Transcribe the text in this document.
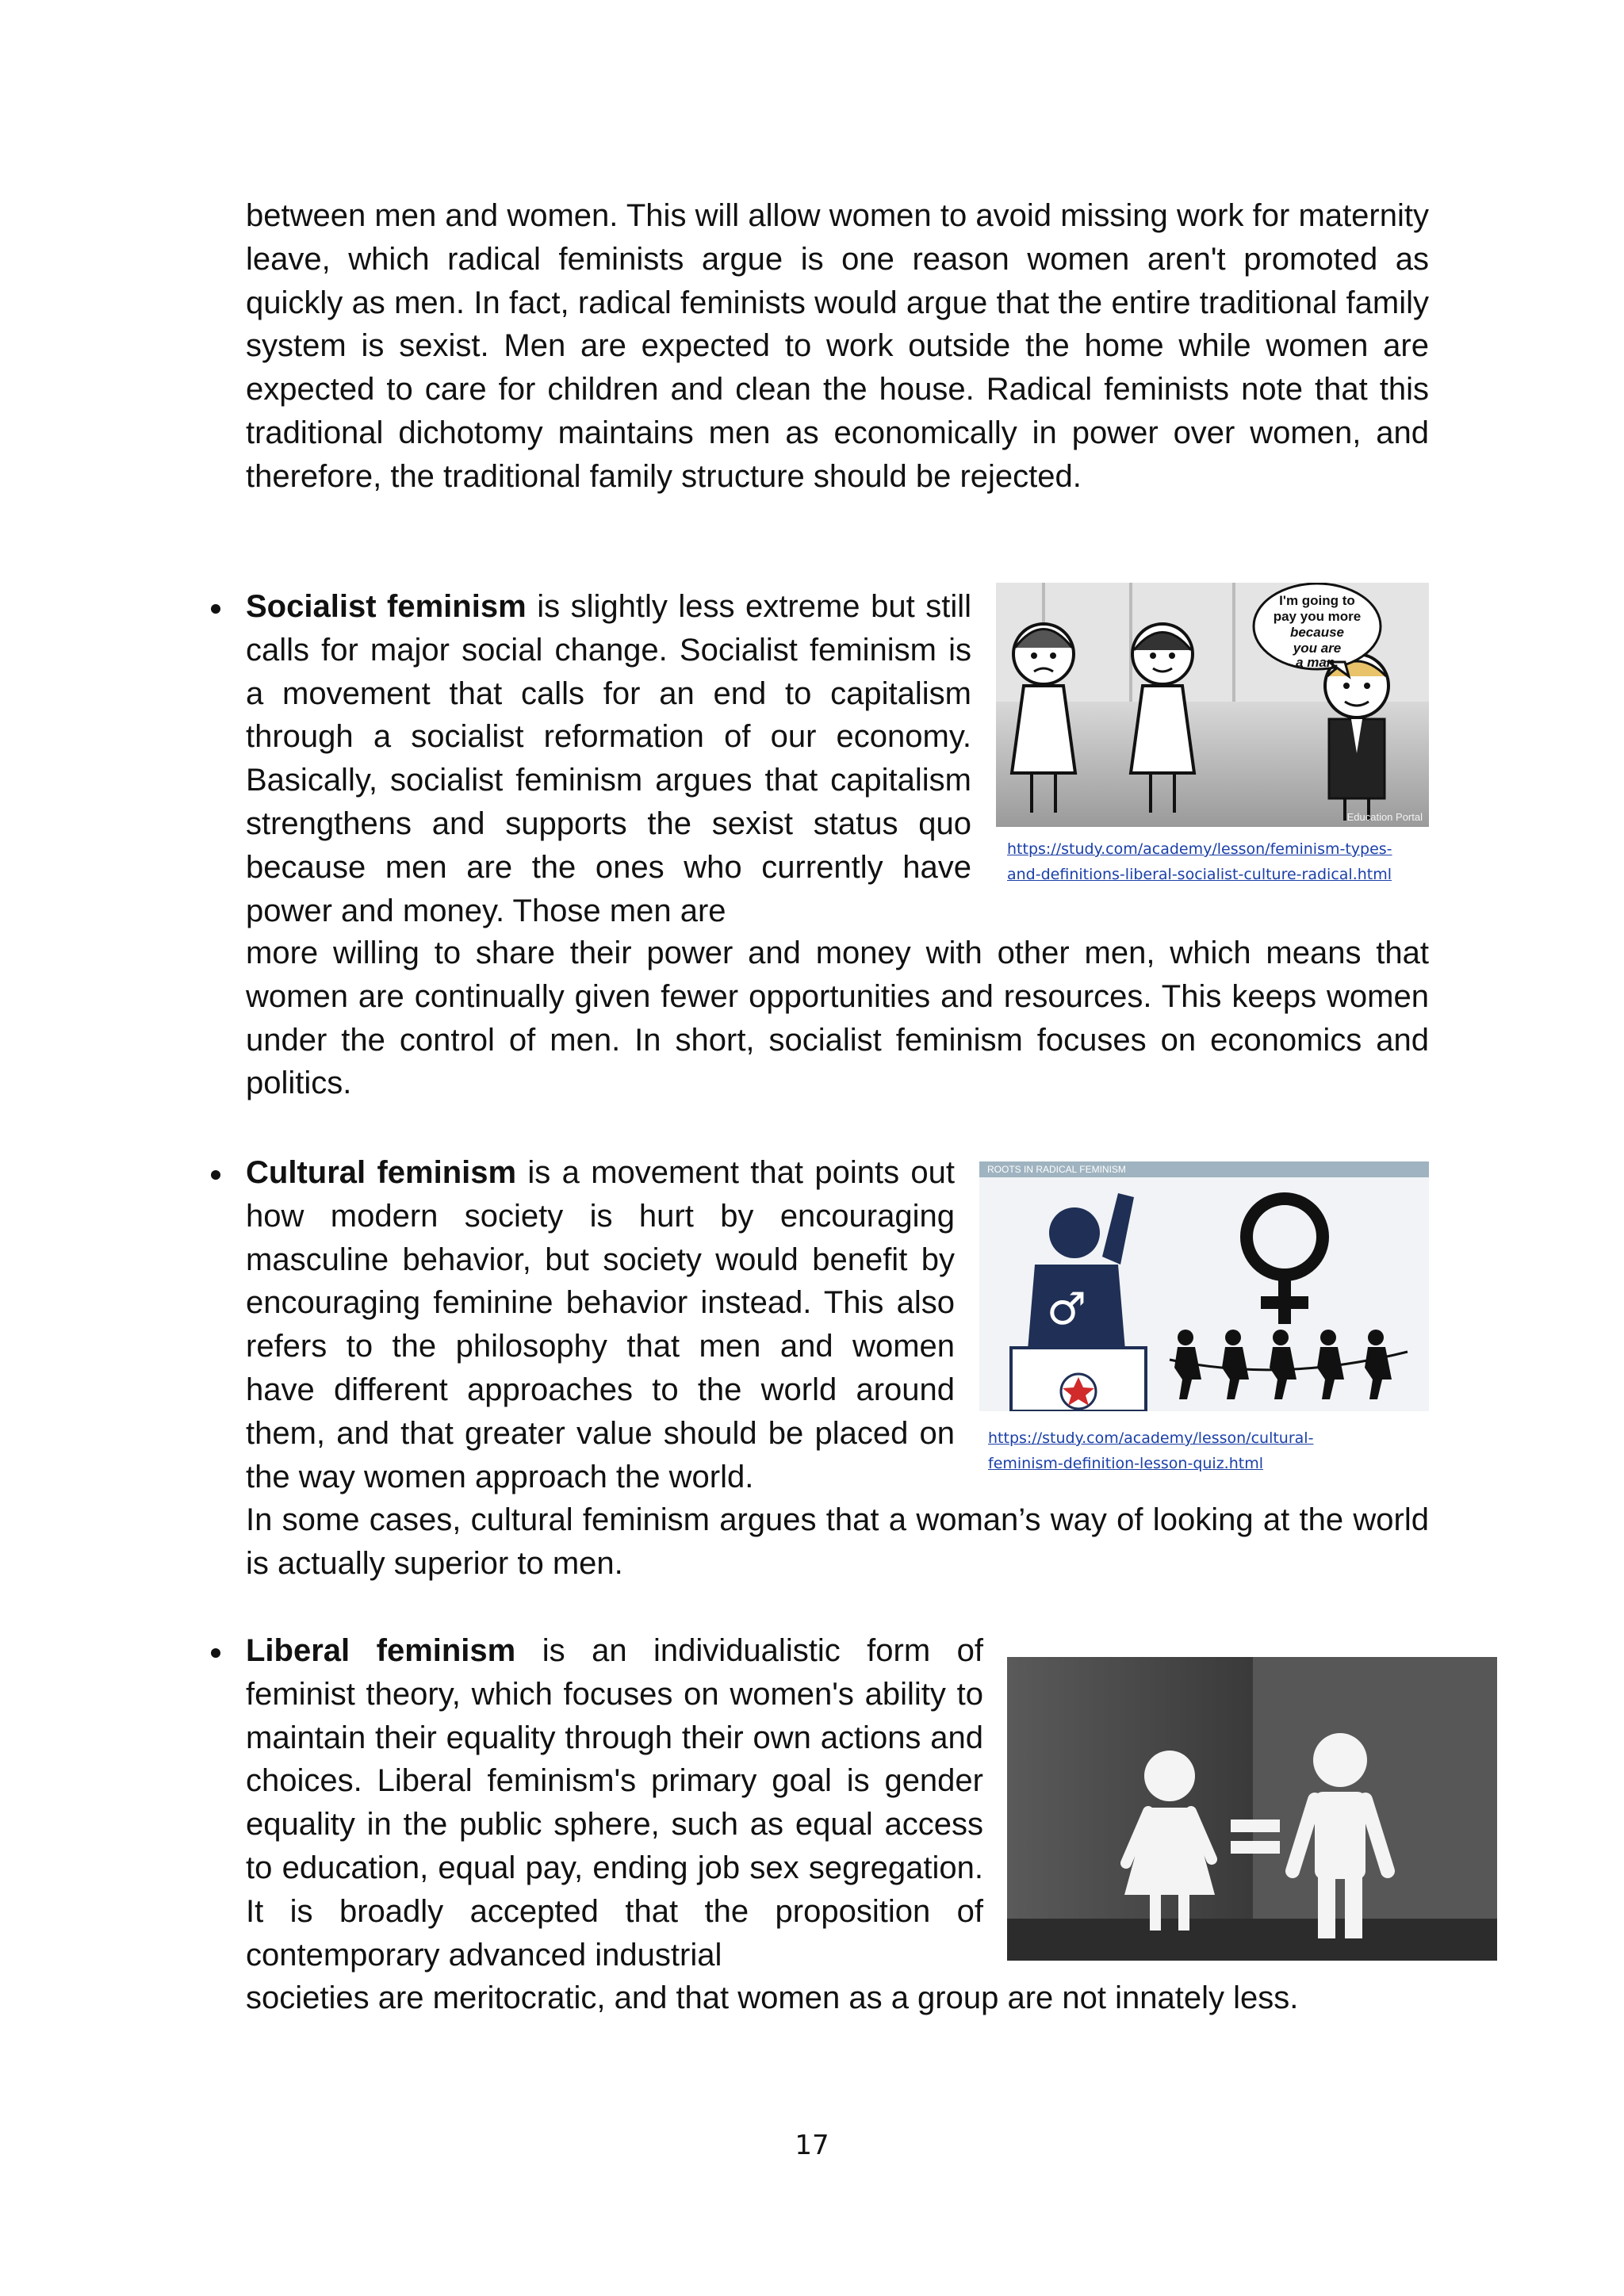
between men and women. This will allow women to avoid missing work for maternity leave, which radical feminists argue is one reason women aren't promoted as quickly as men. In fact, radical feminists would argue that the entire traditional family system is sexist. Men are expected to work outside the home while women are expected to care for children and clean the house. Radical feminists note that this traditional dichotomy maintains men as economically in power over women, and therefore, the traditional family structure should be rejected.

Socialist feminism is slightly less extreme but still calls for major social change. Socialist feminism is a movement that calls for an end to capitalism through a socialist reformation of our economy. Basically, socialist feminism argues that capitalism strengthens and supports the sexist status quo because men are the ones who currently have power and money. Those men are

I'm going to
pay you more
because
you are
a man.
Education Portal

https://study.com/academy/lesson/feminism-types-
and-definitions-liberal-socialist-culture-radical.html

more willing to share their power and money with other men, which means that women are continually given fewer opportunities and resources. This keeps women under the control of men. In short, socialist feminism focuses on economics and politics.

Cultural feminism is a movement that points out how modern society is hurt by encouraging masculine behavior, but society would benefit by encouraging feminine behavior instead. This also refers to the philosophy that men and women have different approaches to the world around them, and that greater value should be placed on the way women approach the world.

ROOTS IN RADICAL FEMINISM
♂

https://study.com/academy/lesson/cultural-
feminism-definition-lesson-quiz.html

In some cases, cultural feminism argues that a woman’s way of looking at the world is actually superior to men.

Liberal feminism is an individualistic form of feminist theory, which focuses on women's ability to maintain their equality through their own actions and choices. Liberal feminism's primary goal is gender equality in the public sphere, such as equal access to education, equal pay, ending job sex segregation. It is broadly accepted that the proposition of contemporary advanced industrial

societies are meritocratic, and that women as a group are not innately less.

17
